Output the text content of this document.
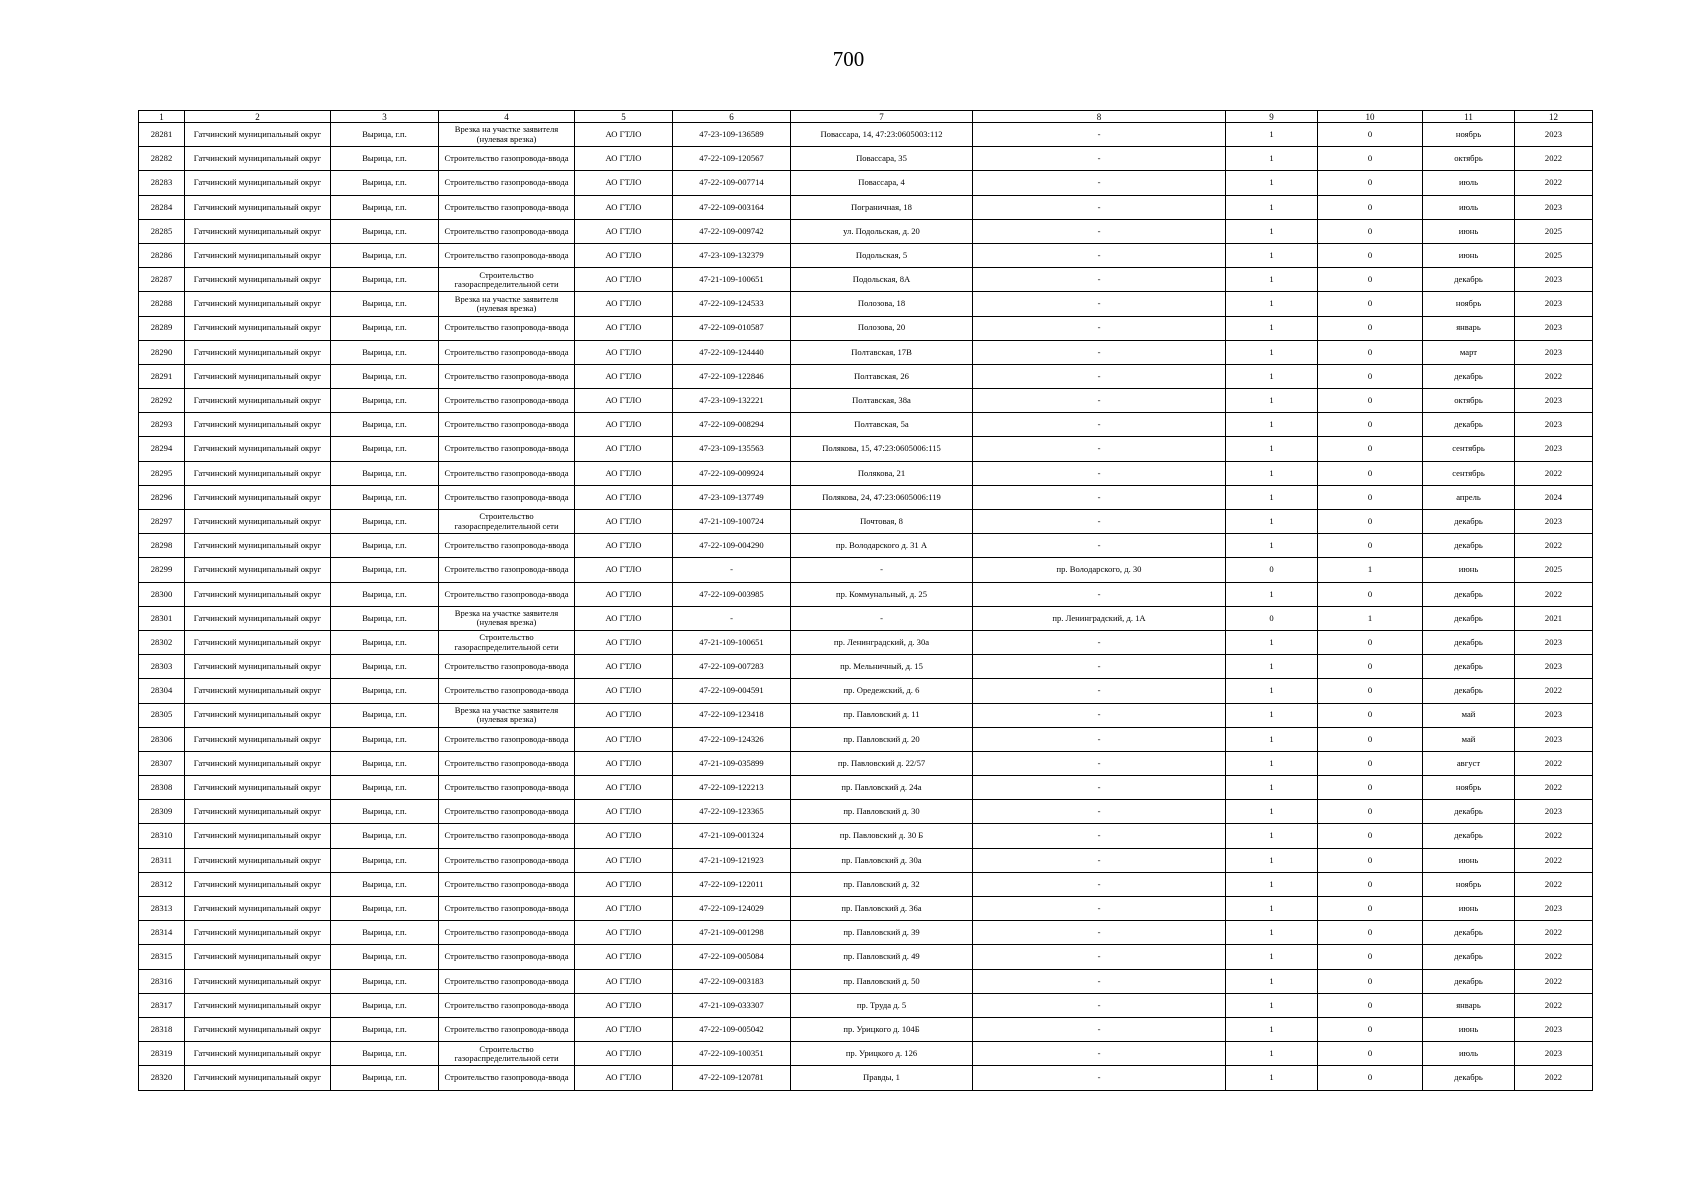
700
1	2	3	4	5	6	7	8	9	10	11	12
28281	Гатчинский муниципальный округ	Вырица, г.п.	Врезка на участке заявителя (нулевая врезка)	АО ГТЛО	47-23-109-136589	Повассара, 14, 47:23:0605003:112	-	1	0	ноябрь	2023
28282	Гатчинский муниципальный округ	Вырица, г.п.	Строительство газопровода-ввода	АО ГТЛО	47-22-109-120567	Повассара, 35	-	1	0	октябрь	2022
28283	Гатчинский муниципальный округ	Вырица, г.п.	Строительство газопровода-ввода	АО ГТЛО	47-22-109-007714	Повассара, 4	-	1	0	июль	2022
28284	Гатчинский муниципальный округ	Вырица, г.п.	Строительство газопровода-ввода	АО ГТЛО	47-22-109-003164	Пограничная, 18	-	1	0	июль	2023
28285	Гатчинский муниципальный округ	Вырица, г.п.	Строительство газопровода-ввода	АО ГТЛО	47-22-109-009742	ул. Подольская, д. 20	-	1	0	июнь	2025
28286	Гатчинский муниципальный округ	Вырица, г.п.	Строительство газопровода-ввода	АО ГТЛО	47-23-109-132379	Подольская, 5	-	1	0	июнь	2025
28287	Гатчинский муниципальный округ	Вырица, г.п.	Строительство газораспределительной сети	АО ГТЛО	47-21-109-100651	Подольская, 8А	-	1	0	декабрь	2023
28288	Гатчинский муниципальный округ	Вырица, г.п.	Врезка на участке заявителя (нулевая врезка)	АО ГТЛО	47-22-109-124533	Полозова, 18	-	1	0	ноябрь	2023
28289	Гатчинский муниципальный округ	Вырица, г.п.	Строительство газопровода-ввода	АО ГТЛО	47-22-109-010587	Полозова, 20	-	1	0	январь	2023
28290	Гатчинский муниципальный округ	Вырица, г.п.	Строительство газопровода-ввода	АО ГТЛО	47-22-109-124440	Полтавская, 17В	-	1	0	март	2023
28291	Гатчинский муниципальный округ	Вырица, г.п.	Строительство газопровода-ввода	АО ГТЛО	47-22-109-122846	Полтавская, 26	-	1	0	декабрь	2022
28292	Гатчинский муниципальный округ	Вырица, г.п.	Строительство газопровода-ввода	АО ГТЛО	47-23-109-132221	Полтавская, 38а	-	1	0	октябрь	2023
28293	Гатчинский муниципальный округ	Вырица, г.п.	Строительство газопровода-ввода	АО ГТЛО	47-22-109-008294	Полтавская, 5а	-	1	0	декабрь	2023
28294	Гатчинский муниципальный округ	Вырица, г.п.	Строительство газопровода-ввода	АО ГТЛО	47-23-109-135563	Полякова, 15, 47:23:0605006:115	-	1	0	сентябрь	2023
28295	Гатчинский муниципальный округ	Вырица, г.п.	Строительство газопровода-ввода	АО ГТЛО	47-22-109-009924	Полякова, 21	-	1	0	сентябрь	2022
28296	Гатчинский муниципальный округ	Вырица, г.п.	Строительство газопровода-ввода	АО ГТЛО	47-23-109-137749	Полякова, 24, 47:23:0605006:119	-	1	0	апрель	2024
28297	Гатчинский муниципальный округ	Вырица, г.п.	Строительство газораспределительной сети	АО ГТЛО	47-21-109-100724	Почтовая, 8	-	1	0	декабрь	2023
28298	Гатчинский муниципальный округ	Вырица, г.п.	Строительство газопровода-ввода	АО ГТЛО	47-22-109-004290	пр. Володарского д. 31 А	-	1	0	декабрь	2022
28299	Гатчинский муниципальный округ	Вырица, г.п.	Строительство газопровода-ввода	АО ГТЛО	-	-	пр. Володарского, д. 30	0	1	июнь	2025
28300	Гатчинский муниципальный округ	Вырица, г.п.	Строительство газопровода-ввода	АО ГТЛО	47-22-109-003985	пр. Коммунальный, д. 25	-	1	0	декабрь	2022
28301	Гатчинский муниципальный округ	Вырица, г.п.	Врезка на участке заявителя (нулевая врезка)	АО ГТЛО	-	-	пр. Ленинградский, д. 1А	0	1	декабрь	2021
28302	Гатчинский муниципальный округ	Вырица, г.п.	Строительство газораспределительной сети	АО ГТЛО	47-21-109-100651	пр. Ленинградский, д. 30а	-	1	0	декабрь	2023
28303	Гатчинский муниципальный округ	Вырица, г.п.	Строительство газопровода-ввода	АО ГТЛО	47-22-109-007283	пр. Мельничный, д. 15	-	1	0	декабрь	2023
28304	Гатчинский муниципальный округ	Вырица, г.п.	Строительство газопровода-ввода	АО ГТЛО	47-22-109-004591	пр. Оредежский, д. 6	-	1	0	декабрь	2022
28305	Гатчинский муниципальный округ	Вырица, г.п.	Врезка на участке заявителя (нулевая врезка)	АО ГТЛО	47-22-109-123418	пр. Павловский д. 11	-	1	0	май	2023
28306	Гатчинский муниципальный округ	Вырица, г.п.	Строительство газопровода-ввода	АО ГТЛО	47-22-109-124326	пр. Павловский д. 20	-	1	0	май	2023
28307	Гатчинский муниципальный округ	Вырица, г.п.	Строительство газопровода-ввода	АО ГТЛО	47-21-109-035899	пр. Павловский д. 22/57	-	1	0	август	2022
28308	Гатчинский муниципальный округ	Вырица, г.п.	Строительство газопровода-ввода	АО ГТЛО	47-22-109-122213	пр. Павловский д. 24а	-	1	0	ноябрь	2022
28309	Гатчинский муниципальный округ	Вырица, г.п.	Строительство газопровода-ввода	АО ГТЛО	47-22-109-123365	пр. Павловский д. 30	-	1	0	декабрь	2023
28310	Гатчинский муниципальный округ	Вырица, г.п.	Строительство газопровода-ввода	АО ГТЛО	47-21-109-001324	пр. Павловский д. 30 Б	-	1	0	декабрь	2022
28311	Гатчинский муниципальный округ	Вырица, г.п.	Строительство газопровода-ввода	АО ГТЛО	47-21-109-121923	пр. Павловский д. 30а	-	1	0	июнь	2022
28312	Гатчинский муниципальный округ	Вырица, г.п.	Строительство газопровода-ввода	АО ГТЛО	47-22-109-122011	пр. Павловский д. 32	-	1	0	ноябрь	2022
28313	Гатчинский муниципальный округ	Вырица, г.п.	Строительство газопровода-ввода	АО ГТЛО	47-22-109-124029	пр. Павловский д. 36а	-	1	0	июнь	2023
28314	Гатчинский муниципальный округ	Вырица, г.п.	Строительство газопровода-ввода	АО ГТЛО	47-21-109-001298	пр. Павловский д. 39	-	1	0	декабрь	2022
28315	Гатчинский муниципальный округ	Вырица, г.п.	Строительство газопровода-ввода	АО ГТЛО	47-22-109-005084	пр. Павловский д. 49	-	1	0	декабрь	2022
28316	Гатчинский муниципальный округ	Вырица, г.п.	Строительство газопровода-ввода	АО ГТЛО	47-22-109-003183	пр. Павловский д. 50	-	1	0	декабрь	2022
28317	Гатчинский муниципальный округ	Вырица, г.п.	Строительство газопровода-ввода	АО ГТЛО	47-21-109-033307	пр. Труда д. 5	-	1	0	январь	2022
28318	Гатчинский муниципальный округ	Вырица, г.п.	Строительство газопровода-ввода	АО ГТЛО	47-22-109-005042	пр. Урицкого д. 104Б	-	1	0	июнь	2023
28319	Гатчинский муниципальный округ	Вырица, г.п.	Строительство газораспределительной сети	АО ГТЛО	47-22-109-100351	пр. Урицкого д. 126	-	1	0	июль	2023
28320	Гатчинский муниципальный округ	Вырица, г.п.	Строительство газопровода-ввода	АО ГТЛО	47-22-109-120781	Правды, 1	-	1	0	декабрь	2022
